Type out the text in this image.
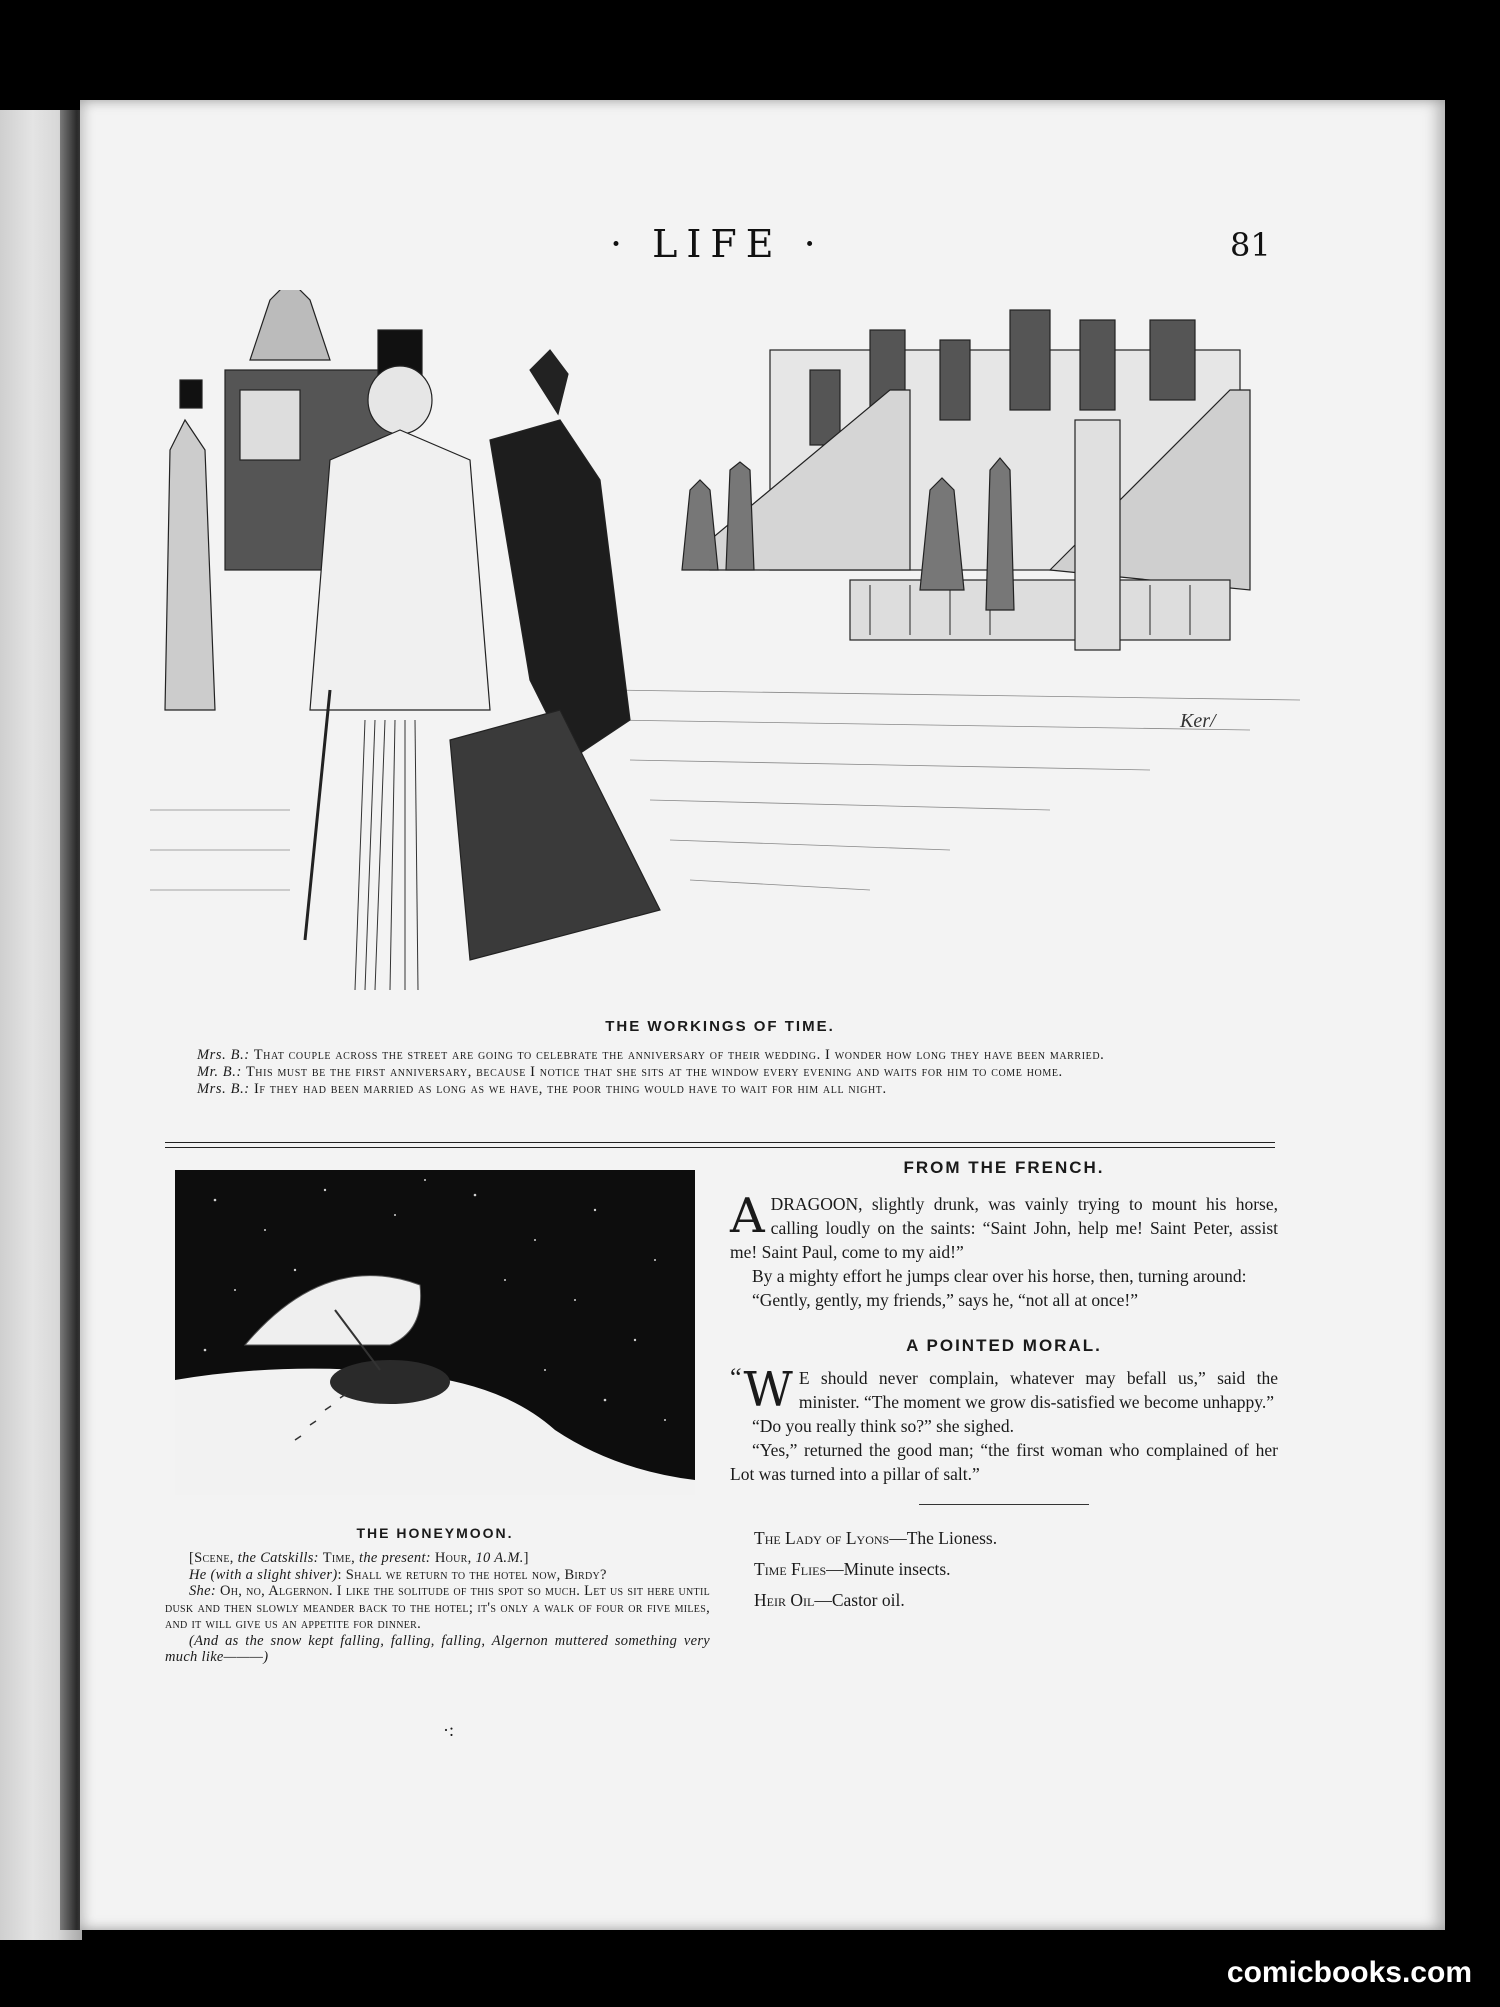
· LIFE ·	81
Ker/
THE WORKINGS OF TIME.

Mrs. B.: That couple across the street are going to celebrate the anniversary of their wedding. I wonder how long they have been married.

Mr. B.: This must be the first anniversary, because I notice that she sits at the window every evening and waits for him to come home.

Mrs. B.: If they had been married as long as we have, the poor thing would have to wait for him all night.

THE HONEYMOON.

[Scene, the Catskills: Time, the present: Hour, 10 A.M.]

He (with a slight shiver): Shall we return to the hotel now, Birdy?

She: Oh, no, Algernon. I like the solitude of this spot so much. Let us sit here until dusk and then slowly meander back to the hotel; it's only a walk of four or five miles, and it will give us an appetite for dinner.

(And as the snow kept falling, falling, falling, Algernon muttered something very much like———)

·:

FROM THE FRENCH.

ADRAGOON, slightly drunk, was vainly trying to mount his horse, calling loudly on the saints: “Saint John, help me! Saint Peter, assist me! Saint Paul, come to my aid!”

By a mighty effort he jumps clear over his horse, then, turning around:

“Gently, gently, my friends,” says he, “not all at once!”

A POINTED MORAL.

“ W E should never complain, whatever may befall us,” said the minister. “The moment we grow dis-satisfied we become unhappy.”

“Do you really think so?” she sighed.

“Yes,” returned the good man; “the first woman who complained of her Lot was turned into a pillar of salt.”

The Lady of Lyons—The Lioness.

Time Flies—Minute insects.

Heir Oil—Castor oil.

comicbooks.com
